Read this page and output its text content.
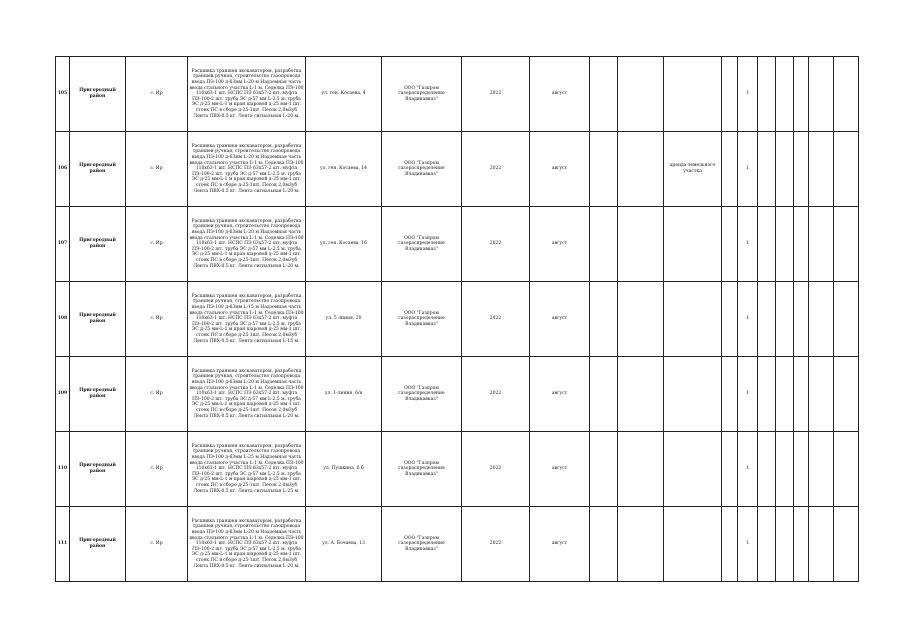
105	Пригородный район	с. Ир	Расшивка траншеи экскаватором, разработка траншеи ручная, строительство газопровода ввода ПЭ-100 д-63мм L-20 м Надземная часть ввода стального участка L-1 м. Седелка ПЭ-100 110х63-1 шт. НСПС ПЭ 63х57-2 шт. муфта ПЭ-100-2 шт. труба ЭС д-57 мм L-2.5 м. труба ЭС д-25 мм-L-1 м кран шаровой д-25 мм-1 шт. стоек ПС в сборе д-25-1шт. Песок 2,0м3уб Лента ПВХ-0.5 кг. Лента сигнальная L-20 м.	ул. ген. Косаева, 4	ООО "Газпром газораспределение Владикавказ"	2022	август					1					
106	Пригородный район	с. Ир	Расшивка траншеи экскаватором, разработка траншеи ручная, строительство газопровода ввода ПЭ-100 д-63мм L-20 м Надземная часть ввода стального участка L-1 м. Седелка ПЭ-100 110х63-1 шт. НСПС ПЭ 63х57-2 шт. муфта ПЭ-100-2 шт. труба ЭС д-57 мм L-2.5 м. труба ЭС д-25 мм-L-1 м кран шаровой д-25 мм-1 шт. стоек ПС в сборе д-25-1шт. Песок 2,0м3уб Лента ПВХ-0.5 кг. Лента сигнальная L-20 м.	ул. ген. Косаева, 14	ООО "Газпром газораспределение Владикавказ"	2022	август			аренда земельного участка		1					
107	Пригородный район	с. Ир	Расшивка траншеи экскаватором, разработка траншеи ручная, строительство газопровода ввода ПЭ-100 д-63мм L-20 м Надземная часть ввода стального участка L-1 м. Седелка ПЭ-100 110х63-1 шт. НСПС ПЭ 63х57-2 шт. муфта ПЭ-100-2 шт. труба ЭС д-57 мм L-2.5 м. труба ЭС д-25 мм-L-1 м кран шаровой д-25 мм-1 шт. стоек ПС в сборе д-25-1шт. Песок 2,0м3уб Лента ПВХ-0.5 кг. Лента сигнальная L-20 м.	ул. ген. Косаева, 16	ООО "Газпром газораспределение Владикавказ"	2022	август					1					
108	Пригородный район	с. Ир	Расшивка траншеи экскаватором, разработка траншеи ручная, строительство газопровода ввода ПЭ-100 д-63мм L-15 м Надземная часть ввода стального участка L-1 м. Седелка ПЭ-100 110х63-1 шт. НСПС ПЭ 63х57-2 шт. муфта ПЭ-100-2 шт. труба ЭС д-57 мм L-2.5 м. труба ЭС д-25 мм-L-1 м кран шаровой д-25 мм-1 шт. стоек ПС в сборе д-25-1шт. Песок 2,0м3уб Лента ПВХ-0.5 кг. Лента сигнальная L-15 м.	ул. 5 линия, 20	ООО "Газпром газораспределение Владикавказ"	2022	август					1					
109	Пригородный район	с. Ир	Расшивка траншеи экскаватором, разработка траншеи ручная, строительство газопровода ввода ПЭ-100 д-63мм L-20 м Надземная часть ввода стального участка L-1 м. Седелка ПЭ-100 110х63-1 шт. НСПС ПЭ 63х57-2 шт. муфта ПЭ-100-2 шт. труба ЭС д-57 мм L-2.5 м. труба ЭС д-25 мм-L-1 м кран шаровой д-25 мм-1 шт. стоек ПС в сборе д-25-1шт. Песок 2,0м3уб Лента ПВХ-0.5 кг. Лента сигнальная L-20 м.	ул. 1-линия, 6/в	ООО "Газпром газораспределение Владикавказ"	2022	август					1					
110	Пригородный район	с. Ир	Расшивка траншеи экскаватором, разработка траншеи ручная, строительство газопровода ввода ПЭ-100 д-63мм L-25 м Надземная часть ввода стального участка L-1 м. Седелка ПЭ-100 110х63-1 шт. НСПС ПЭ 63х57-2 шт. муфта ПЭ-100-2 шт. труба ЭС д-57 мм L-2.5 м. труба ЭС д-25 мм-L-1 м кран шаровой д-25 мм-1 шт. стоек ПС в сборе д-25-1шт. Песок 2,0м3уб Лента ПВХ-0.5 кг. Лента сигнальная L-25 м.	ул. Пушкина, 6 б	ООО "Газпром газораспределение Владикавказ"	2022	август					1					
111	Пригородный район	с. Ир	Расшивка траншеи экскаватором, разработка траншеи ручная, строительство газопровода ввода ПЭ-100 д-63мм L-20 м Надземная часть ввода стального участка L-1 м. Седелка ПЭ-100 110х63-1 шт. НСПС ПЭ 63х57-2 шт. муфта ПЭ-100-2 шт. труба ЭС д-57 мм L-2.5 м. труба ЭС д-25 мм-L-1 м кран шаровой д-25 мм-1 шт. стоек ПС в сборе д-25-1шт. Песок 2,0м3уб Лента ПВХ-0.5 кг. Лента сигнальная L-20 м.	ул. А. Бочаева, 13	ООО "Газпром газораспределение Владикавказ"	2022	август					1					
